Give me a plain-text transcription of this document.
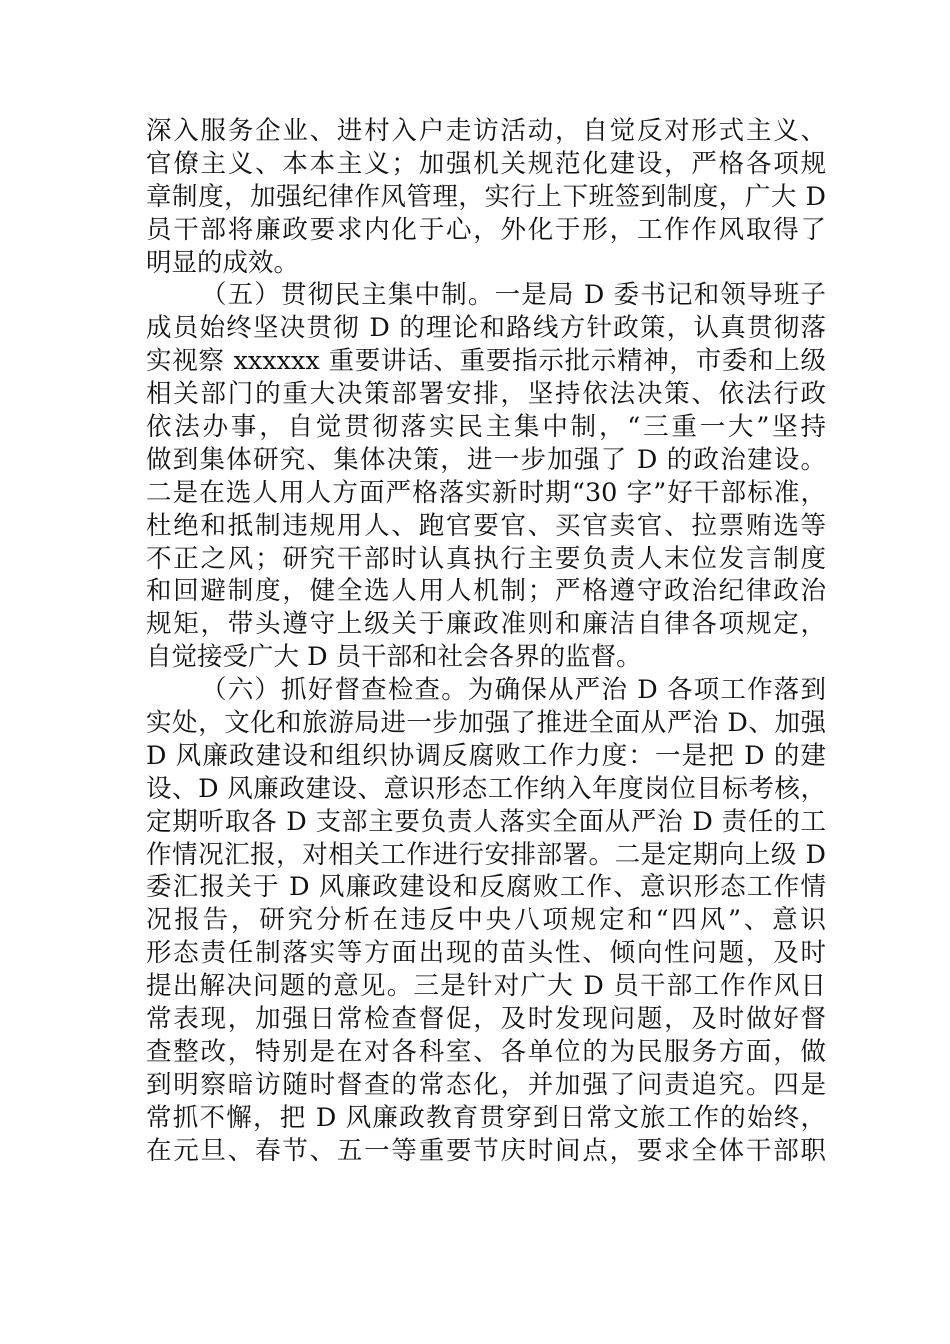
深入服务企业、进村入户走访活动，自觉反对形式主义、
官僚主义、本本主义；加强机关规范化建设，严格各项规
章制度，加强纪律作风管理，实行上下班签到制度，广大 D
员干部将廉政要求内化于心，外化于形，工作作风取得了
明显的成效。
（五）贯彻民主集中制。一是局 D 委书记和领导班子
成员始终坚决贯彻 D 的理论和路线方针政策，认真贯彻落
实视察 xxxxxx 重要讲话、重要指示批示精神，市委和上级
相关部门的重大决策部署安排，坚持依法决策、依法行政
依法办事，自觉贯彻落实民主集中制，“三重一大”坚持
做到集体研究、集体决策，进一步加强了 D 的政治建设。
二是在选人用人方面严格落实新时期“30 字”好干部标准，
杜绝和抵制违规用人、跑官要官、买官卖官、拉票贿选等
不正之风；研究干部时认真执行主要负责人末位发言制度
和回避制度，健全选人用人机制；严格遵守政治纪律政治
规矩，带头遵守上级关于廉政准则和廉洁自律各项规定，
自觉接受广大 D 员干部和社会各界的监督。
（六）抓好督查检查。为确保从严治 D 各项工作落到
实处，文化和旅游局进一步加强了推进全面从严治 D、加强
D 风廉政建设和组织协调反腐败工作力度：一是把 D 的建
设、D 风廉政建设、意识形态工作纳入年度岗位目标考核，
定期听取各 D 支部主要负责人落实全面从严治 D 责任的工
作情况汇报，对相关工作进行安排部署。二是定期向上级 D
委汇报关于 D 风廉政建设和反腐败工作、意识形态工作情
况报告，研究分析在违反中央八项规定和“四风”、意识
形态责任制落实等方面出现的苗头性、倾向性问题，及时
提出解决问题的意见。三是针对广大 D 员干部工作作风日
常表现，加强日常检查督促，及时发现问题，及时做好督
查整改，特别是在对各科室、各单位的为民服务方面，做
到明察暗访随时督查的常态化，并加强了问责追究。四是
常抓不懈，把 D 风廉政教育贯穿到日常文旅工作的始终，
在元旦、春节、五一等重要节庆时间点，要求全体干部职
